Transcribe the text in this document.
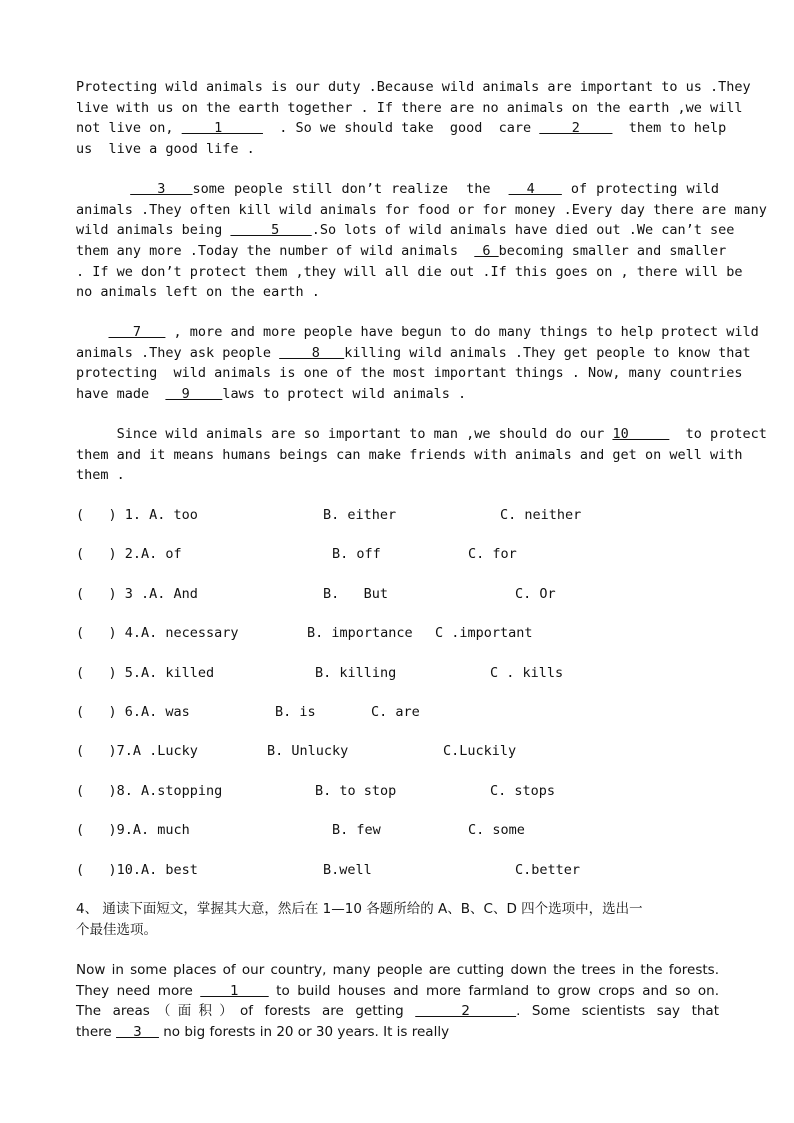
Protecting wild animals is our duty .Because wild animals are important to us .They
live with us on the earth together . If there are no animals on the earth ,we will
not live on,     1       . So we should take  good  care     2      them to help
us  live a good life .
3   some people still don’t realize  the    4    of protecting wild
animals .They often kill wild animals for food or for money .Every day there are many
wild animals being      5    .So lots of wild animals have died out .We can’t see
them any more .Today the number of wild animals   6 becoming smaller and smaller
. If we don’t protect them ,they will all die out .If this goes on , there will be
no animals left on the earth .
7    , more and more people have begun to do many things to help protect wild
animals .They ask people     8   killing wild animals .They get people to know that
protecting  wild animals is one of the most important things . Now, many countries
have made    9    laws to protect wild animals .
Since wild animals are so important to man ,we should do our 10       to protect
them and it means humans beings can make friends with animals and get on well with
them .
(   ) 1. A. too	B. either	C. neither
(   ) 2.A. of	B. off	C. for
(   ) 3 .A. And	B.   But	C. Or
(   ) 4.A. necessary	B. importance C .important
(   ) 5.A. killed	B. killing	C . kills
(   ) 6.A. was	B. is	C. are
(   )7.A .Lucky	B. Unlucky	C.Luckily
(   )8. A.stopping	B. to stop	C. stops
(   )9.A. much	B. few	C. some
(   )10.A. best	B.well	C.better
4、 通读下面短文，掌握其大意，然后在 1—10 各题所给的 A、B、C、D 四个选项中，选出一
个最佳选项。
Now in some places of our country, many people are cutting down the trees in the forests.
They need more     1     to build houses and more farmland to grow crops and so on.
The areas（面积）of forests are getting     2    . Some scientists say that
there     3     no big forests in 20 or 30 years. It is really
